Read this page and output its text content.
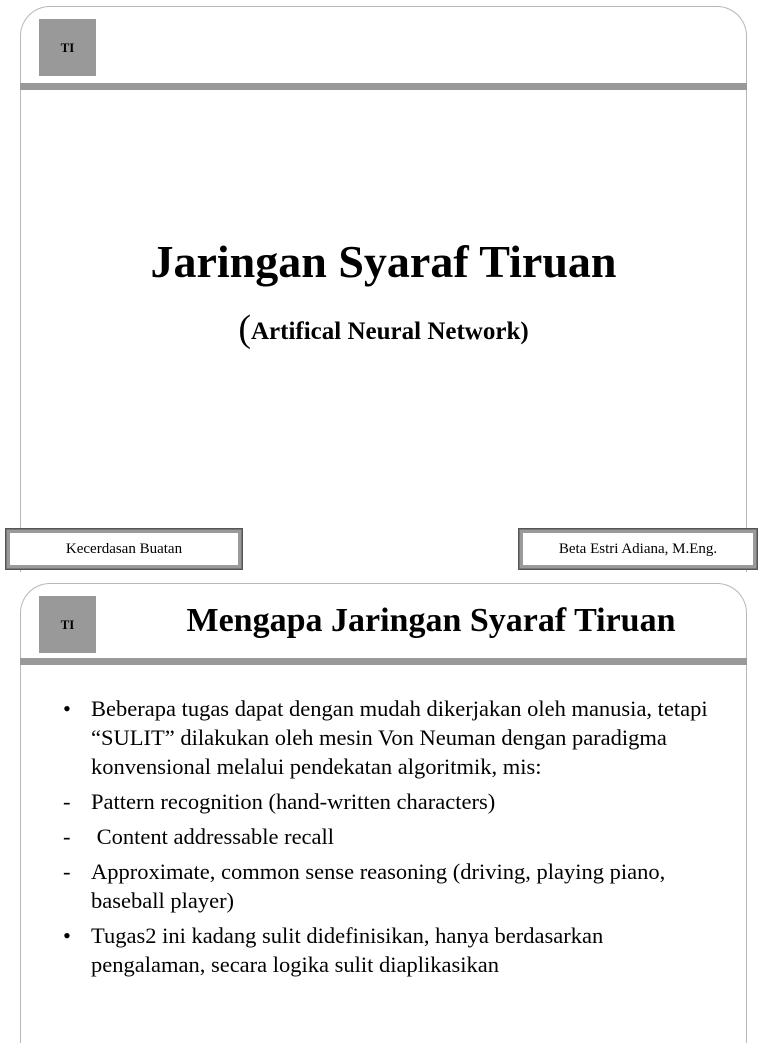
TI
Jaringan Syaraf Tiruan
(Artifical Neural Network)
Kecerdasan Buatan	Beta Estri Adiana, M.Eng.
TI	Mengapa Jaringan Syaraf Tiruan
• Beberapa tugas dapat dengan mudah dikerjakan oleh manusia, tetapi “SULIT” dilakukan oleh mesin Von Neuman dengan paradigma konvensional melalui pendekatan algoritmik, mis:
- Pattern recognition (hand-written characters)
- Content addressable recall
- Approximate, common sense reasoning (driving, playing piano, baseball player)
• Tugas2 ini kadang sulit didefinisikan, hanya berdasarkan pengalaman, secara logika sulit diaplikasikan
